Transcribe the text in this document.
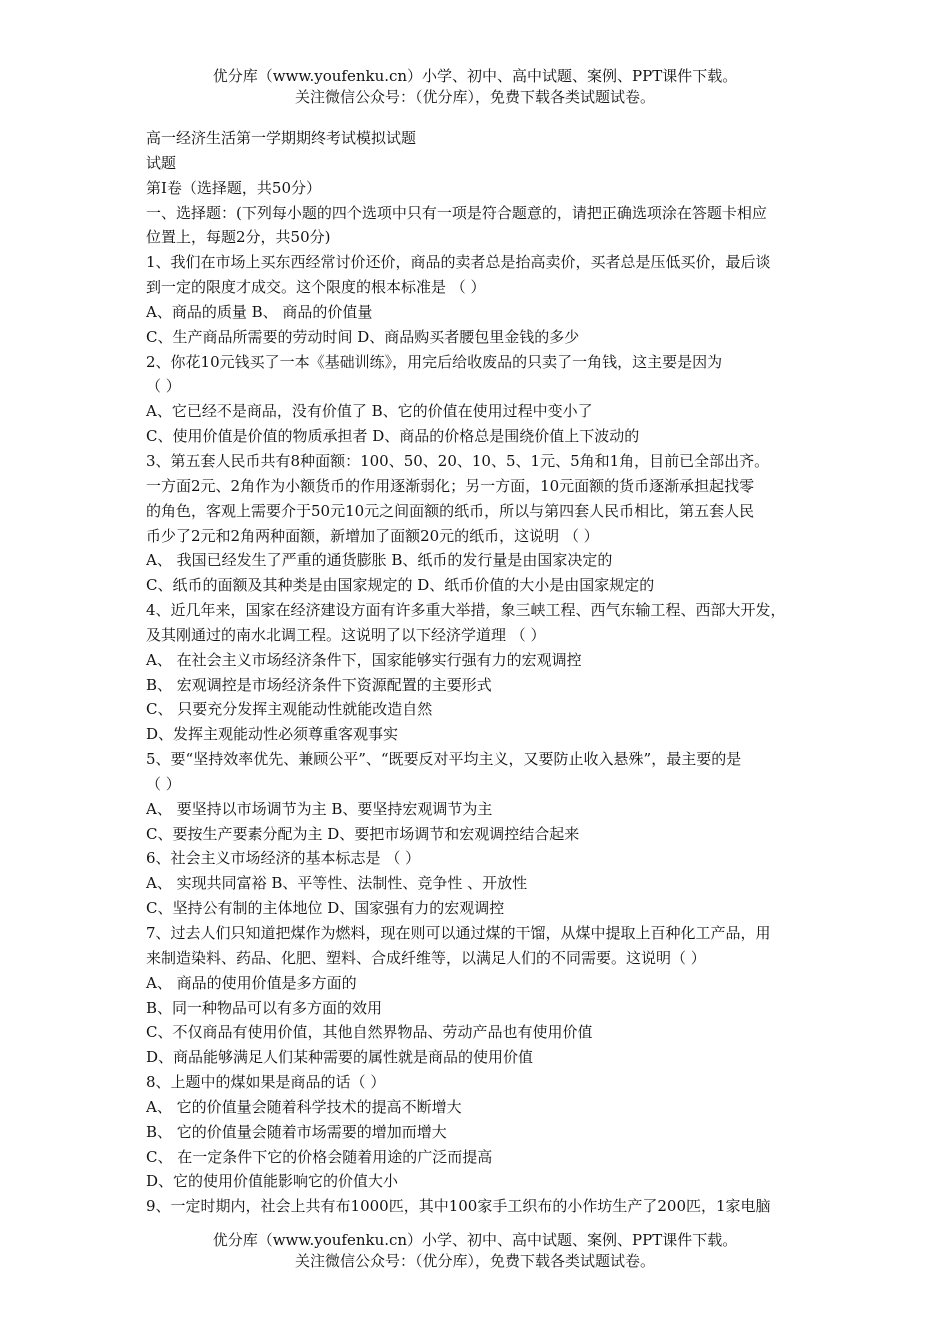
优分库（www.youfenku.cn）小学、初中、高中试题、案例、PPT课件下载。
关注微信公众号：（优分库），免费下载各类试题试卷。
高一经济生活第一学期期终考试模拟试题
试题
第Ⅰ卷（选择题，共50分）
一、选择题：(下列每小题的四个选项中只有一项是符合题意的，请把正确选项涂在答题卡相应
位置上，每题2分，共50分)
1、我们在市场上买东西经常讨价还价，商品的卖者总是抬高卖价，买者总是压低买价，最后谈
到一定的限度才成交。这个限度的根本标准是 （ ）
A、商品的质量 B、 商品的价值量
C、生产商品所需要的劳动时间 D、商品购买者腰包里金钱的多少
2、你花10元钱买了一本《基础训练》，用完后给收废品的只卖了一角钱，这主要是因为
（ ）
A、它已经不是商品，没有价值了 B、它的价值在使用过程中变小了
C、使用价值是价值的物质承担者 D、商品的价格总是围绕价值上下波动的
3、第五套人民币共有8种面额：100、50、20、10、5、1元、5角和1角，目前已全部出齐。
一方面2元、2角作为小额货币的作用逐渐弱化；另一方面，10元面额的货币逐渐承担起找零
的角色，客观上需要介于50元10元之间面额的纸币，所以与第四套人民币相比，第五套人民
币少了2元和2角两种面额，新增加了面额20元的纸币，这说明 （ ）
A、 我国已经发生了严重的通货膨胀 B、纸币的发行量是由国家决定的
C、纸币的面额及其种类是由国家规定的 D、纸币价值的大小是由国家规定的
4、近几年来，国家在经济建设方面有许多重大举措，象三峡工程、西气东输工程、西部大开发，
及其刚通过的南水北调工程。这说明了以下经济学道理 （ ）
A、 在社会主义市场经济条件下，国家能够实行强有力的宏观调控
B、 宏观调控是市场经济条件下资源配置的主要形式
C、 只要充分发挥主观能动性就能改造自然
D、发挥主观能动性必须尊重客观事实
5、要“坚持效率优先、兼顾公平”、“既要反对平均主义，又要防止收入悬殊”，最主要的是
（ ）
A、 要坚持以市场调节为主 B、要坚持宏观调节为主
C、要按生产要素分配为主 D、要把市场调节和宏观调控结合起来
6、社会主义市场经济的基本标志是 （ ）
A、 实现共同富裕 B、平等性、法制性、竞争性 、开放性
C、坚持公有制的主体地位 D、国家强有力的宏观调控
7、过去人们只知道把煤作为燃料，现在则可以通过煤的干馏，从煤中提取上百种化工产品，用
来制造染料、药品、化肥、塑料、合成纤维等，以满足人们的不同需要。这说明（ ）
A、 商品的使用价值是多方面的
B、同一种物品可以有多方面的效用
C、不仅商品有使用价值，其他自然界物品、劳动产品也有使用价值
D、商品能够满足人们某种需要的属性就是商品的使用价值
8、上题中的煤如果是商品的话（ ）
A、 它的价值量会随着科学技术的提高不断增大
B、 它的价值量会随着市场需要的增加而增大
C、 在一定条件下它的价格会随着用途的广泛而提高
D、它的使用价值能影响它的价值大小
9、一定时期内，社会上共有布1000匹，其中100家手工织布的小作坊生产了200匹，1家电脑
优分库（www.youfenku.cn）小学、初中、高中试题、案例、PPT课件下载。
关注微信公众号：（优分库），免费下载各类试题试卷。
